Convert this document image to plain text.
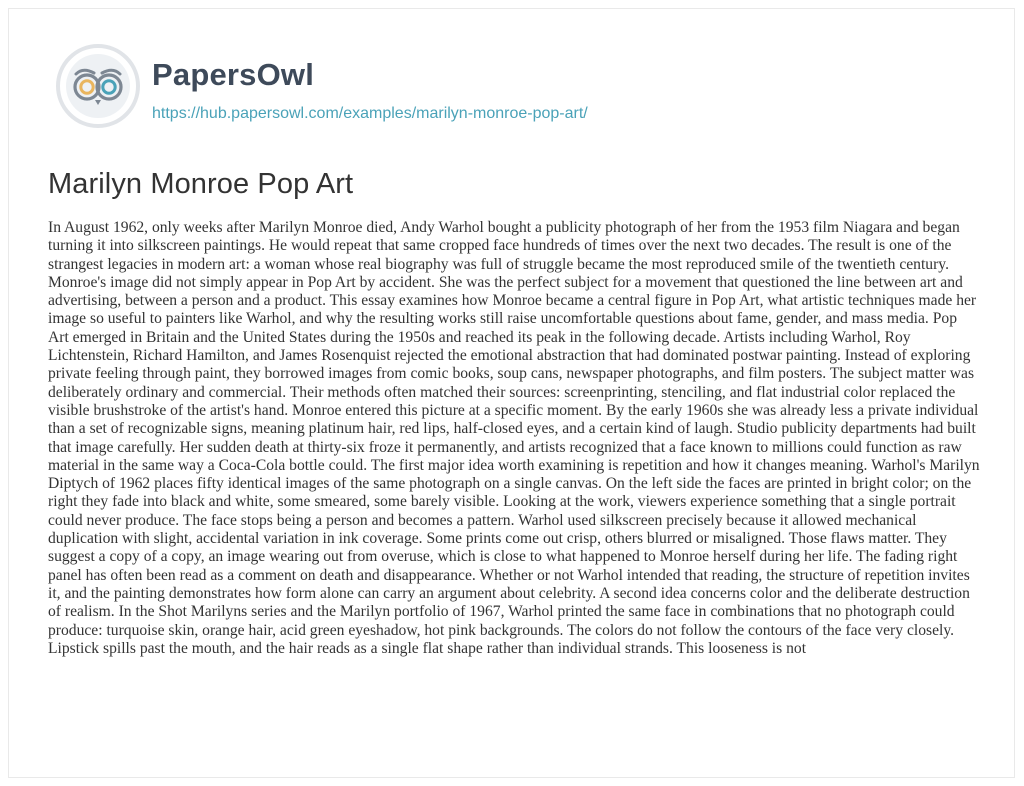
PapersOwl
https://hub.papersowl.com/examples/marilyn-monroe-pop-art/
Marilyn Monroe Pop Art

In August 1962, only weeks after Marilyn Monroe died, Andy Warhol bought a publicity photograph of her from the 1953 film Niagara and began turning it into silkscreen paintings. He would repeat that same cropped face hundreds of times over the next two decades. The result is one of the strangest legacies in modern art: a woman whose real biography was full of struggle became the most reproduced smile of the twentieth century. Monroe's image did not simply appear in Pop Art by accident. She was the perfect subject for a movement that questioned the line between art and advertising, between a person and a product. This essay examines how Monroe became a central figure in Pop Art, what artistic techniques made her image so useful to painters like Warhol, and why the resulting works still raise uncomfortable questions about fame, gender, and mass media. Pop Art emerged in Britain and the United States during the 1950s and reached its peak in the following decade. Artists including Warhol, Roy Lichtenstein, Richard Hamilton, and James Rosenquist rejected the emotional abstraction that had dominated postwar painting. Instead of exploring private feeling through paint, they borrowed images from comic books, soup cans, newspaper photographs, and film posters. The subject matter was deliberately ordinary and commercial. Their methods often matched their sources: screenprinting, stenciling, and flat industrial color replaced the visible brushstroke of the artist's hand. Monroe entered this picture at a specific moment. By the early 1960s she was already less a private individual than a set of recognizable signs, meaning platinum hair, red lips, half-closed eyes, and a certain kind of laugh. Studio publicity departments had built that image carefully. Her sudden death at thirty-six froze it permanently, and artists recognized that a face known to millions could function as raw material in the same way a Coca-Cola bottle could. The first major idea worth examining is repetition and how it changes meaning. Warhol's Marilyn Diptych of 1962 places fifty identical images of the same photograph on a single canvas. On the left side the faces are printed in bright color; on the right they fade into black and white, some smeared, some barely visible. Looking at the work, viewers experience something that a single portrait could never produce. The face stops being a person and becomes a pattern. Warhol used silkscreen precisely because it allowed mechanical duplication with slight, accidental variation in ink coverage. Some prints come out crisp, others blurred or misaligned. Those flaws matter. They suggest a copy of a copy, an image wearing out from overuse, which is close to what happened to Monroe herself during her life. The fading right panel has often been read as a comment on death and disappearance. Whether or not Warhol intended that reading, the structure of repetition invites it, and the painting demonstrates how form alone can carry an argument about celebrity. A second idea concerns color and the deliberate destruction of realism. In the Shot Marilyns series and the Marilyn portfolio of 1967, Warhol printed the same face in combinations that no photograph could produce: turquoise skin, orange hair, acid green eyeshadow, hot pink backgrounds. The colors do not follow the contours of the face very closely. Lipstick spills past the mouth, and the hair reads as a single flat shape rather than individual strands. This looseness is not
